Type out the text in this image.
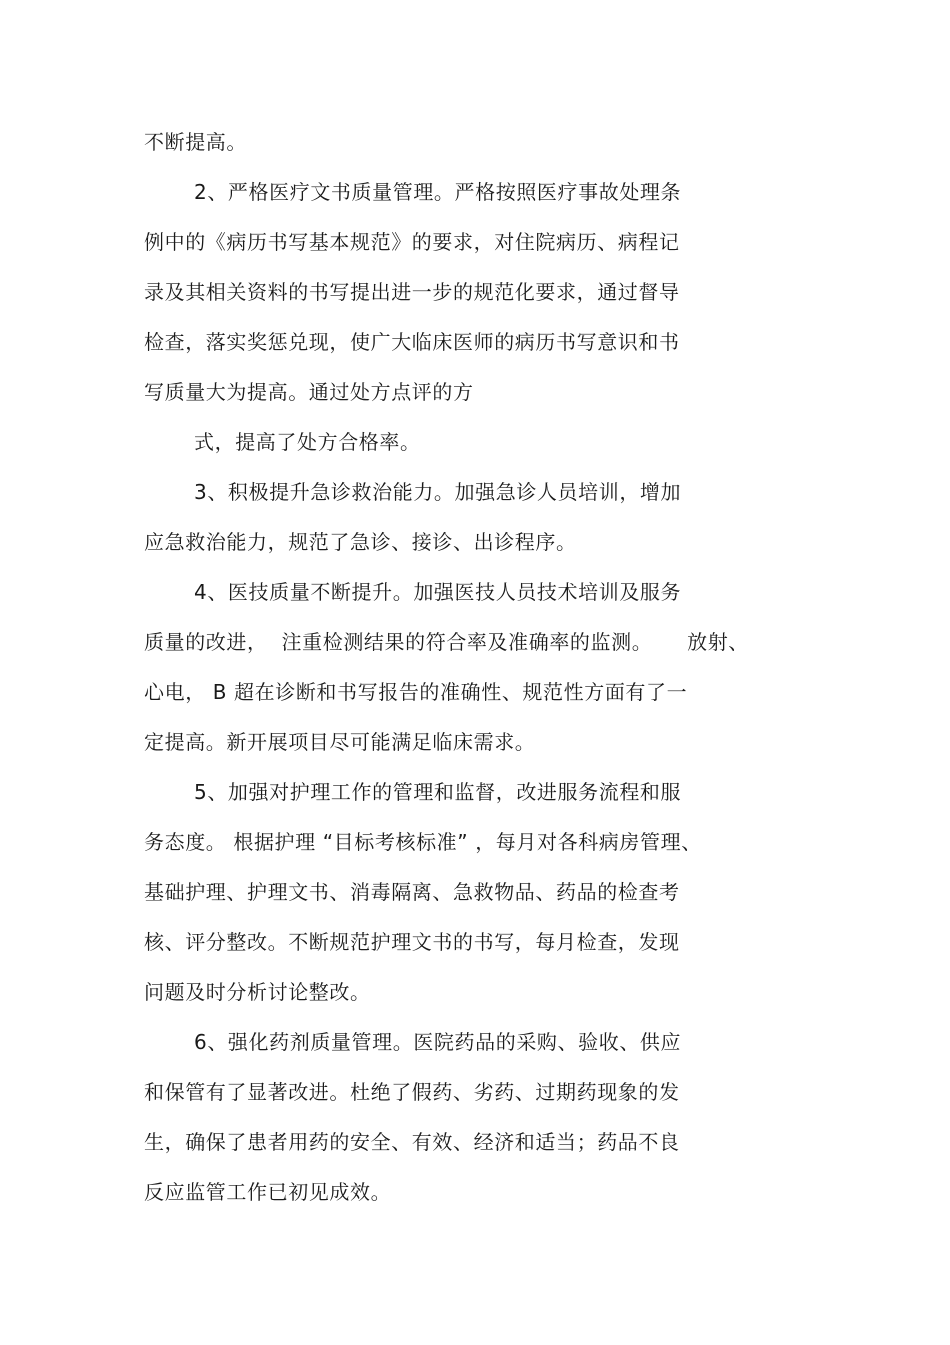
不断提高。
2、严格医疗文书质量管理。严格按照医疗事故处理条
例中的《病历书写基本规范》的要求，对住院病历、病程记
录及其相关资料的书写提出进一步的规范化要求，通过督导
检查，落实奖惩兑现，使广大临床医师的病历书写意识和书
写质量大为提高。通过处方点评的方
式，提高了处方合格率。
3、积极提升急诊救治能力。加强急诊人员培训，增加
应急救治能力，规范了急诊、接诊、出诊程序。
4、医技质量不断提升。加强医技人员技术培训及服务
质量的改进，  注重检测结果的符合率及准确率的监测。     放射、
心电， B 超在诊断和书写报告的准确性、规范性方面有了一
定提高。新开展项目尽可能满足临床需求。
5、加强对护理工作的管理和监督，改进服务流程和服
务态度。 根据护理 “目标考核标准” ，每月对各科病房管理、
基础护理、护理文书、消毒隔离、急救物品、药品的检查考
核、评分整改。不断规范护理文书的书写，每月检查，发现
问题及时分析讨论整改。
6、强化药剂质量管理。医院药品的采购、验收、供应
和保管有了显著改进。杜绝了假药、劣药、过期药现象的发
生，确保了患者用药的安全、有效、经济和适当；药品不良
反应监管工作已初见成效。
